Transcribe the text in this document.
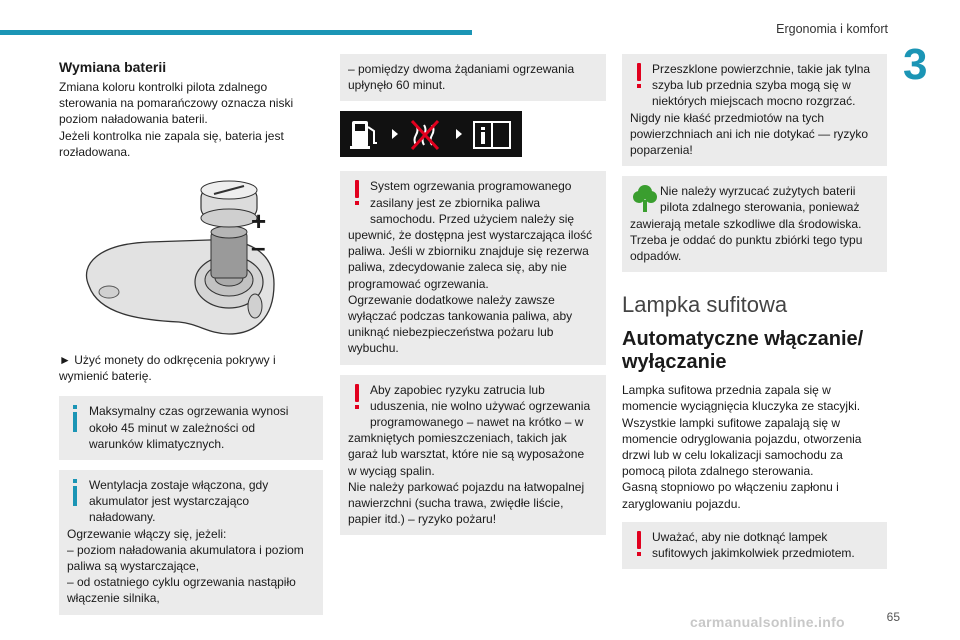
Ergonomia i komfort
3
Wymiana baterii

Zmiana koloru kontrolki pilota zdalnego
sterowania na pomarańczowy oznacza niski
poziom naładowania baterii.
Jeżeli kontrolka nie zapala się, bateria jest
rozładowana.

+
–

► Użyć monety do odkręcenia pokrywy i
wymienić baterię.

Maksymalny czas ogrzewania wynosi
około 45 minut w zależności od
warunków klimatycznych.
Wentylacja zostaje włączona, gdy
akumulator jest wystarczająco
naładowany.
Ogrzewanie włączy się, jeżeli:
– poziom naładowania akumulatora i poziom
paliwa są wystarczające,
– od ostatniego cyklu ogrzewania nastąpiło
włączenie silnika,
– pomiędzy dwoma żądaniami ogrzewania
upłynęło 60 minut.
System ogrzewania programowanego
zasilany jest ze zbiornika paliwa
samochodu. Przed użyciem należy się
upewnić, że dostępna jest wystarczająca ilość
paliwa. Jeśli w zbiorniku znajduje się rezerwa
paliwa, zdecydowanie zaleca się, aby nie
programować ogrzewania.
Ogrzewanie dodatkowe należy zawsze
wyłączać podczas tankowania paliwa, aby
uniknąć niebezpieczeństwa pożaru lub
wybuchu.
Aby zapobiec ryzyku zatrucia lub
uduszenia, nie wolno używać ogrzewania
programowanego – nawet na krótko – w
zamkniętych pomieszczeniach, takich jak
garaż lub warsztat, które nie są wyposażone
w wyciąg spalin.
Nie należy parkować pojazdu na łatwopalnej
nawierzchni (sucha trawa, zwiędłe liście,
papier itd.) – ryzyko pożaru!
Przeszklone powierzchnie, takie jak tylna
szyba lub przednia szyba mogą się w
niektórych miejscach mocno rozgrzać.
Nigdy nie kłaść przedmiotów na tych
powierzchniach ani ich nie dotykać — ryzyko
poparzenia!
Nie należy wyrzucać zużytych baterii
pilota zdalnego sterowania, ponieważ
zawierają metale szkodliwe dla środowiska.
Trzeba je oddać do punktu zbiórki tego typu
odpadów.
Lampka sufitowa
Automatyczne włączanie/
wyłączanie

Lampka sufitowa przednia zapala się w
momencie wyciągnięcia kluczyka ze stacyjki.
Wszystkie lampki sufitowe zapalają się w
momencie odryglowania pojazdu, otworzenia
drzwi lub w celu lokalizacji samochodu za
pomocą pilota zdalnego sterowania.
Gasną stopniowo po włączeniu zapłonu i
zaryglowaniu pojazdu.

Uważać, aby nie dotknąć lampek
sufitowych jakimkolwiek przedmiotem.
carmanualsonline.info	65
